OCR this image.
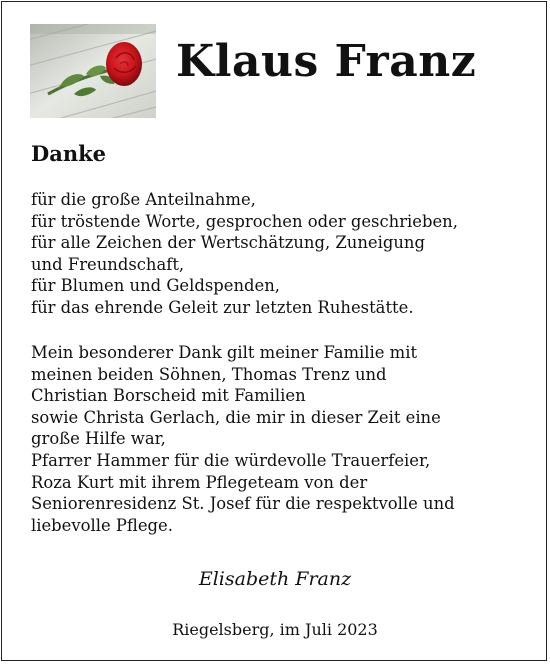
Klaus Franz
Danke
für die große Anteilnahme,
für tröstende Worte, gesprochen oder geschrieben,
für alle Zeichen der Wertschätzung, Zuneigung
und Freundschaft,
für Blumen und Geldspenden,
für das ehrende Geleit zur letzten Ruhestätte.
Mein besonderer Dank gilt meiner Familie mit
meinen beiden Söhnen, Thomas Trenz und
Christian Borscheid mit Familien
sowie Christa Gerlach, die mir in dieser Zeit eine
große Hilfe war,
Pfarrer Hammer für die würdevolle Trauerfeier,
Roza Kurt mit ihrem Pflegeteam von der
Seniorenresidenz St. Josef für die respektvolle und
liebevolle Pflege.
Elisabeth Franz
Riegelsberg, im Juli 2023
